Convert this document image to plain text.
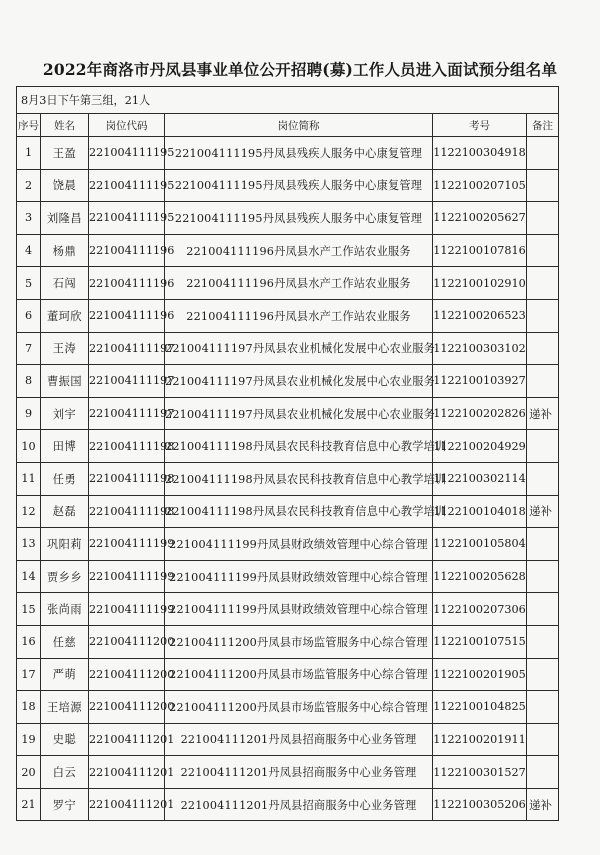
2022年商洛市丹凤县事业单位公开招聘(募)工作人员进入面试预分组名单
8月3日下午第三组，21人					
序号	姓名	岗位代码	岗位简称	考号	备注
1	王盈	221004111195	221004111195丹凤县残疾人服务中心康复管理	1122100304918	
2	饶晨	221004111195	221004111195丹凤县残疾人服务中心康复管理	1122100207105	
3	刘隆昌	221004111195	221004111195丹凤县残疾人服务中心康复管理	1122100205627	
4	杨鼎	221004111196	221004111196丹凤县水产工作站农业服务	1122100107816	
5	石闯	221004111196	221004111196丹凤县水产工作站农业服务	1122100102910	
6	董珂欣	221004111196	221004111196丹凤县水产工作站农业服务	1122100206523	
7	王涛	221004111197	221004111197丹凤县农业机械化发展中心农业服务	1122100303102	
8	曹振国	221004111197	221004111197丹凤县农业机械化发展中心农业服务	1122100103927	
9	刘宇	221004111197	221004111197丹凤县农业机械化发展中心农业服务	1122100202826	递补
10	田博	221004111198	221004111198丹凤县农民科技教育信息中心教学培训	1122100204929	
11	任勇	221004111198	221004111198丹凤县农民科技教育信息中心教学培训	1122100302114	
12	赵磊	221004111198	221004111198丹凤县农民科技教育信息中心教学培训	1122100104018	递补
13	巩阳莉	221004111199	221004111199丹凤县财政绩效管理中心综合管理	1122100105804	
14	贾乡乡	221004111199	221004111199丹凤县财政绩效管理中心综合管理	1122100205628	
15	张尚雨	221004111199	221004111199丹凤县财政绩效管理中心综合管理	1122100207306	
16	任慈	221004111200	221004111200丹凤县市场监管服务中心综合管理	1122100107515	
17	严萌	221004111200	221004111200丹凤县市场监管服务中心综合管理	1122100201905	
18	王培源	221004111200	221004111200丹凤县市场监管服务中心综合管理	1122100104825	
19	史聪	221004111201	221004111201丹凤县招商服务中心业务管理	1122100201911	
20	白云	221004111201	221004111201丹凤县招商服务中心业务管理	1122100301527	
21	罗宁	221004111201	221004111201丹凤县招商服务中心业务管理	1122100305206	递补
